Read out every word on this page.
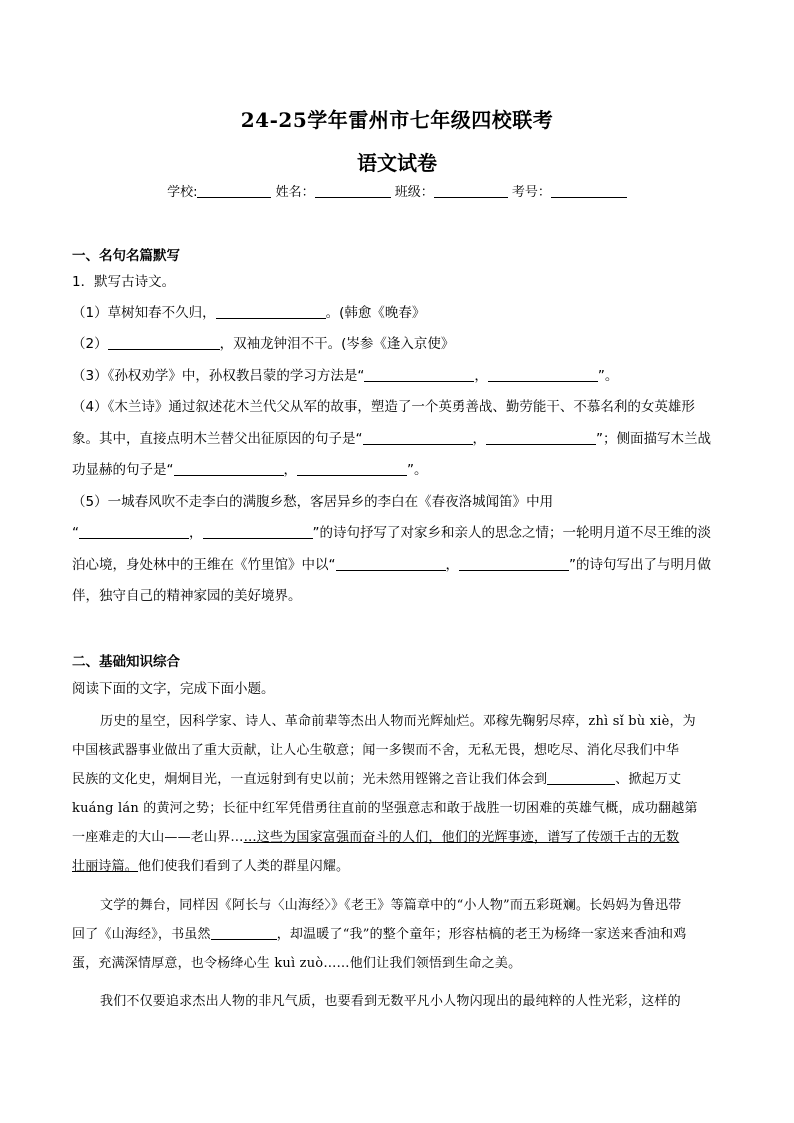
24-25学年雷州市七年级四校联考
语文试卷
学校:	姓名：	班级：	考号：
一、名句名篇默写
1．默写古诗文。
（1）草树知春不久归，	。(韩愈《晚春》
（2）	，双袖龙钟泪不干。(岑参《逢入京使》
（3）《孙权劝学》中，孙权教吕蒙的学习方法是“	，	”。
（4）《木兰诗》通过叙述花木兰代父从军的故事，塑造了一个英勇善战、勤劳能干、不慕名利的女英雄形
象。其中，直接点明木兰替父出征原因的句子是“	，	”；侧面描写木兰战
功显赫的句子是“	，	”。
（5）一城春风吹不走李白的满腹乡愁，客居异乡的李白在《春夜洛城闻笛》中用
“	，	”的诗句抒写了对家乡和亲人的思念之情；一轮明月道不尽王维的淡
泊心境，身处林中的王维在《竹里馆》中以“	，	”的诗句写出了与明月做
伴，独守自己的精神家园的美好境界。
二、基础知识综合
阅读下面的文字，完成下面小题。
历史的星空，因科学家、诗人、革命前辈等杰出人物而光辉灿烂。邓稼先鞠躬尽瘁，zhì sǐ bù xiè，为
中国核武器事业做出了重大贡献，让人心生敬意；闻一多锲而不舍，无私无畏，想吃尽、消化尽我们中华
民族的文化史，炯炯目光，一直远射到有史以前；光未然用铿锵之音让我们体会到	、掀起万丈
kuáng lán 的黄河之势；长征中红军凭借勇往直前的坚强意志和敢于战胜一切困难的英雄气概，成功翻越第
一座难走的大山——老山界……这些为国家富强而奋斗的人们，他们的光辉事迹，谱写了传颂千古的无数
壮丽诗篇。他们使我们看到了人类的群星闪耀。
文学的舞台，同样因《阿长与〈山海经〉》《老王》等篇章中的“小人物”而五彩斑斓。长妈妈为鲁迅带
回了《山海经》，书虽然	，却温暖了“我”的整个童年；形容枯槁的老王为杨绛一家送来香油和鸡
蛋，充满深情厚意，也令杨绛心生 kuì zuò……他们让我们领悟到生命之美。
我们不仅要追求杰出人物的非凡气质，也要看到无数平凡小人物闪现出的最纯粹的人性光彩，这样的
